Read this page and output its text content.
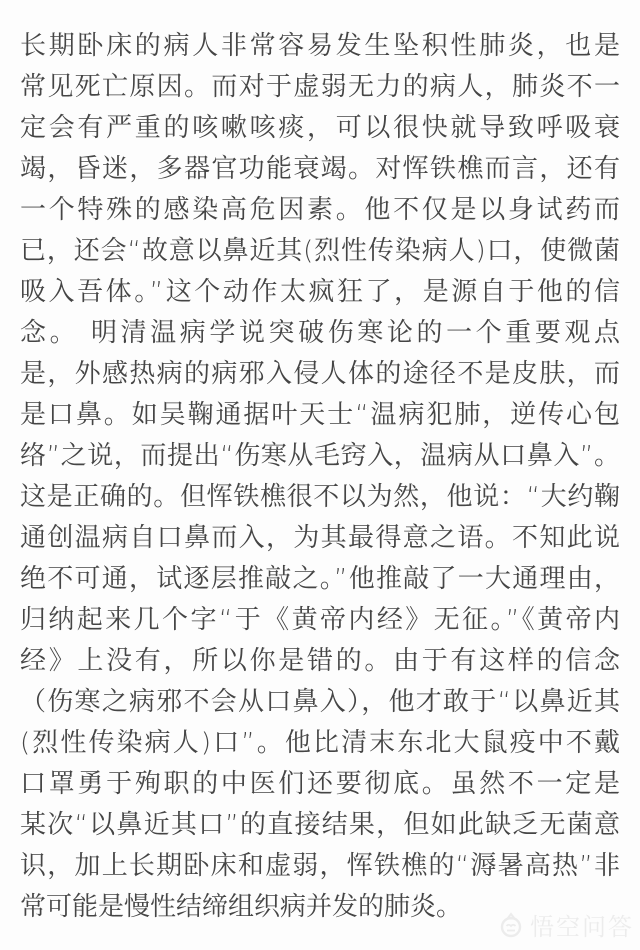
长期卧床的病人非常容易发生坠积性肺炎，也是
常见死亡原因。而对于虚弱无力的病人，肺炎不一
定会有严重的咳嗽咳痰，可以很快就导致呼吸衰
竭，昏迷，多器官功能衰竭。对恽铁樵而言，还有
一个特殊的感染高危因素。他不仅是以身试药而
已，还会“故意以鼻近其(烈性传染病人)口，使微菌
吸入吾体。”这个动作太疯狂了，是源自于他的信
念。 明清温病学说突破伤寒论的一个重要观点
是，外感热病的病邪入侵人体的途径不是皮肤，而
是口鼻。如吴鞠通据叶天士“温病犯肺，逆传心包
络”之说，而提出“伤寒从毛窍入，温病从口鼻入”。
这是正确的。但恽铁樵很不以为然，他说：“大约鞠
通创温病自口鼻而入，为其最得意之语。不知此说
绝不可通，试逐层推敲之。”他推敲了一大通理由，
归纳起来几个字“于《黄帝内经》无征。”《黄帝内
经》上没有，所以你是错的。由于有这样的信念
（伤寒之病邪不会从口鼻入），他才敢于“以鼻近其
(烈性传染病人)口”。他比清末东北大鼠疫中不戴
口罩勇于殉职的中医们还要彻底。虽然不一定是
某次“以鼻近其口”的直接结果，但如此缺乏无菌意
识，加上长期卧床和虚弱，恽铁樵的“溽暑高热”非
常可能是慢性结缔组织病并发的肺炎。
悟空问答
